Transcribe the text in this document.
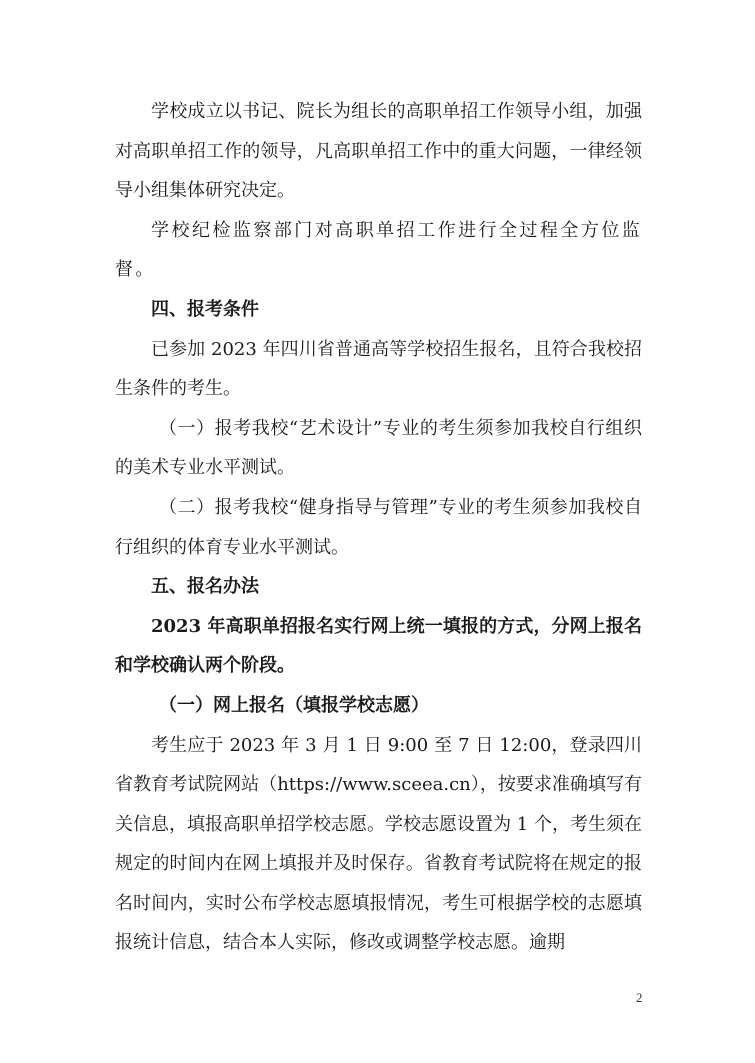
学校成立以书记、院长为组长的高职单招工作领导小组，加强对高职单招工作的领导，凡高职单招工作中的重大问题，一律经领导小组集体研究决定。

学校纪检监察部门对高职单招工作进行全过程全方位监督。

四、报考条件

已参加 2023 年四川省普通高等学校招生报名，且符合我校招生条件的考生。

（一）报考我校“艺术设计”专业的考生须参加我校自行组织的美术专业水平测试。

（二）报考我校“健身指导与管理”专业的考生须参加我校自行组织的体育专业水平测试。

五、报名办法

2023 年高职单招报名实行网上统一填报的方式，分网上报名和学校确认两个阶段。

（一）网上报名（填报学校志愿）

考生应于 2023 年 3 月 1 日 9:00 至 7 日 12:00，登录四川省教育考试院网站（https://www.sceea.cn），按要求准确填写有关信息，填报高职单招学校志愿。学校志愿设置为 1 个，考生须在规定的时间内在网上填报并及时保存。省教育考试院将在规定的报名时间内，实时公布学校志愿填报情况，考生可根据学校的志愿填报统计信息，结合本人实际，修改或调整学校志愿。逾期

2
